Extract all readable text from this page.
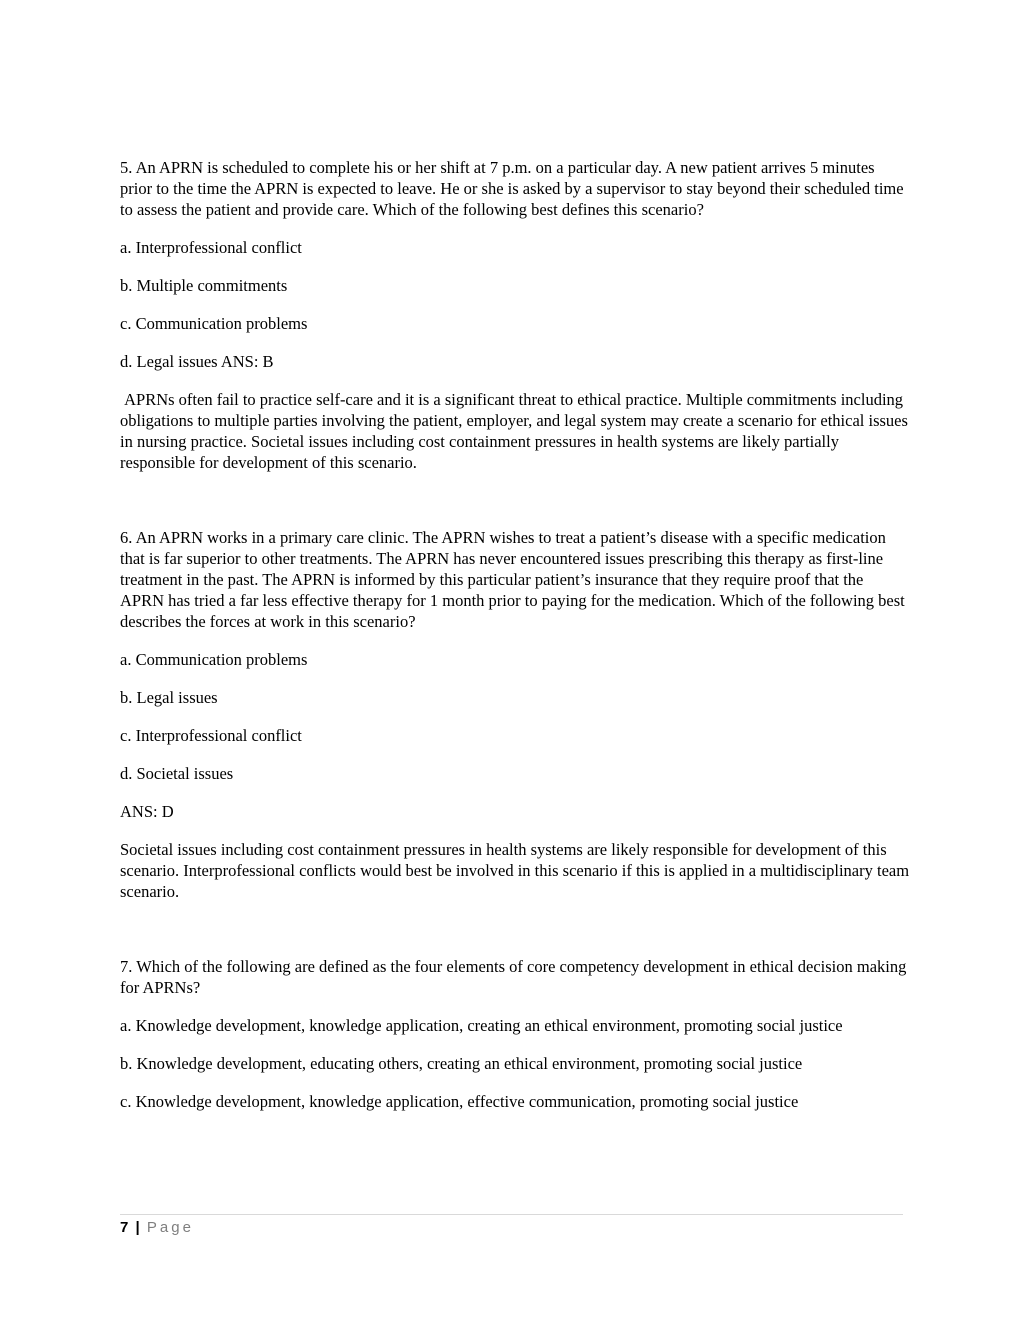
5. An APRN is scheduled to complete his or her shift at 7 p.m. on a particular day. A new patient arrives 5 minutes prior to the time the APRN is expected to leave. He or she is asked by a supervisor to stay beyond their scheduled time to assess the patient and provide care. Which of the following best defines this scenario?

a. Interprofessional conflict

b. Multiple commitments

c. Communication problems

d. Legal issues ANS: B

APRNs often fail to practice self-care and it is a significant threat to ethical practice. Multiple commitments including obligations to multiple parties involving the patient, employer, and legal system may create a scenario for ethical issues in nursing practice. Societal issues including cost containment pressures in health systems are likely partially responsible for development of this scenario.

6. An APRN works in a primary care clinic. The APRN wishes to treat a patient’s disease with a specific medication that is far superior to other treatments. The APRN has never encountered issues prescribing this therapy as first-line treatment in the past. The APRN is informed by this particular patient’s insurance that they require proof that the APRN has tried a far less effective therapy for 1 month prior to paying for the medication. Which of the following best describes the forces at work in this scenario?

a. Communication problems

b. Legal issues

c. Interprofessional conflict

d. Societal issues

ANS: D

Societal issues including cost containment pressures in health systems are likely responsible for development of this scenario. Interprofessional conflicts would best be involved in this scenario if this is applied in a multidisciplinary team scenario.

7. Which of the following are defined as the four elements of core competency development in ethical decision making for APRNs?

a. Knowledge development, knowledge application, creating an ethical environment, promoting social justice

b. Knowledge development, educating others, creating an ethical environment, promoting social justice

c. Knowledge development, knowledge application, effective communication, promoting social justice

7 | Page
